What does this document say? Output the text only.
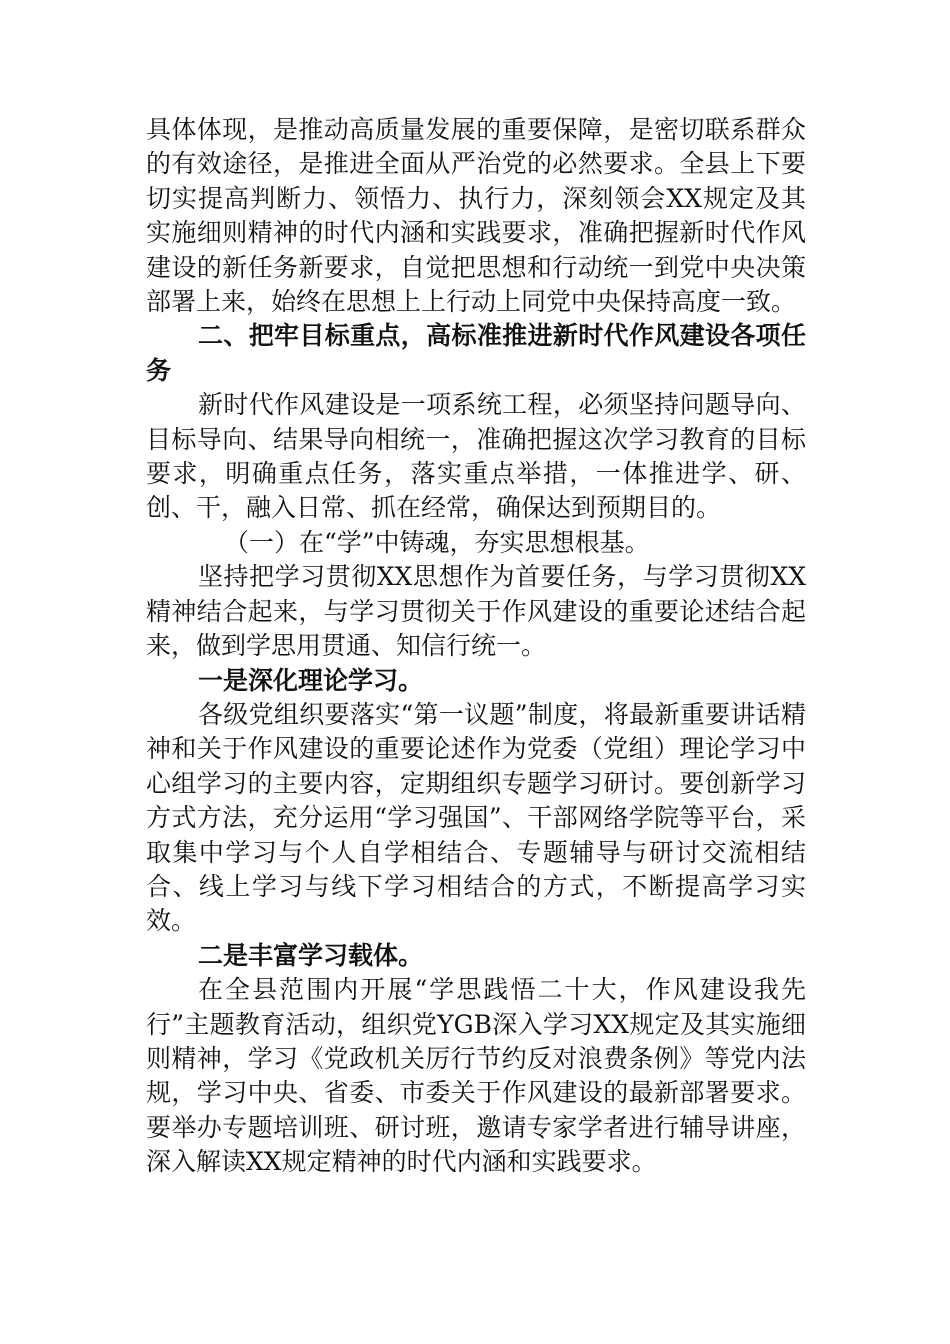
具体体现，是推动高质量发展的重要保障，是密切联系群众的有效途径，是推进全面从严治党的必然要求。全县上下要切实提高判断力、领悟力、执行力，深刻领会XX规定及其实施细则精神的时代内涵和实践要求，准确把握新时代作风建设的新任务新要求，自觉把思想和行动统一到党中央决策部署上来，始终在思想上上行动上同党中央保持高度一致。

二、把牢目标重点，高标准推进新时代作风建设各项任务

新时代作风建设是一项系统工程，必须坚持问题导向、目标导向、结果导向相统一，准确把握这次学习教育的目标要求，明确重点任务，落实重点举措，一体推进学、研、创、干，融入日常、抓在经常，确保达到预期目的。

（一）在“学”中铸魂，夯实思想根基。

坚持把学习贯彻XX思想作为首要任务，与学习贯彻XX精神结合起来，与学习贯彻关于作风建设的重要论述结合起来，做到学思用贯通、知信行统一。

一是深化理论学习。

各级党组织要落实“第一议题”制度，将最新重要讲话精神和关于作风建设的重要论述作为党委（党组）理论学习中心组学习的主要内容，定期组织专题学习研讨。要创新学习方式方法，充分运用“学习强国”、干部网络学院等平台，采取集中学习与个人自学相结合、专题辅导与研讨交流相结合、线上学习与线下学习相结合的方式，不断提高学习实效。

二是丰富学习载体。

在全县范围内开展“学思践悟二十大，作风建设我先行”主题教育活动，组织党YGB深入学习XX规定及其实施细则精神，学习《党政机关厉行节约反对浪费条例》等党内法规，学习中央、省委、市委关于作风建设的最新部署要求。要举办专题培训班、研讨班，邀请专家学者进行辅导讲座，深入解读XX规定精神的时代内涵和实践要求。
